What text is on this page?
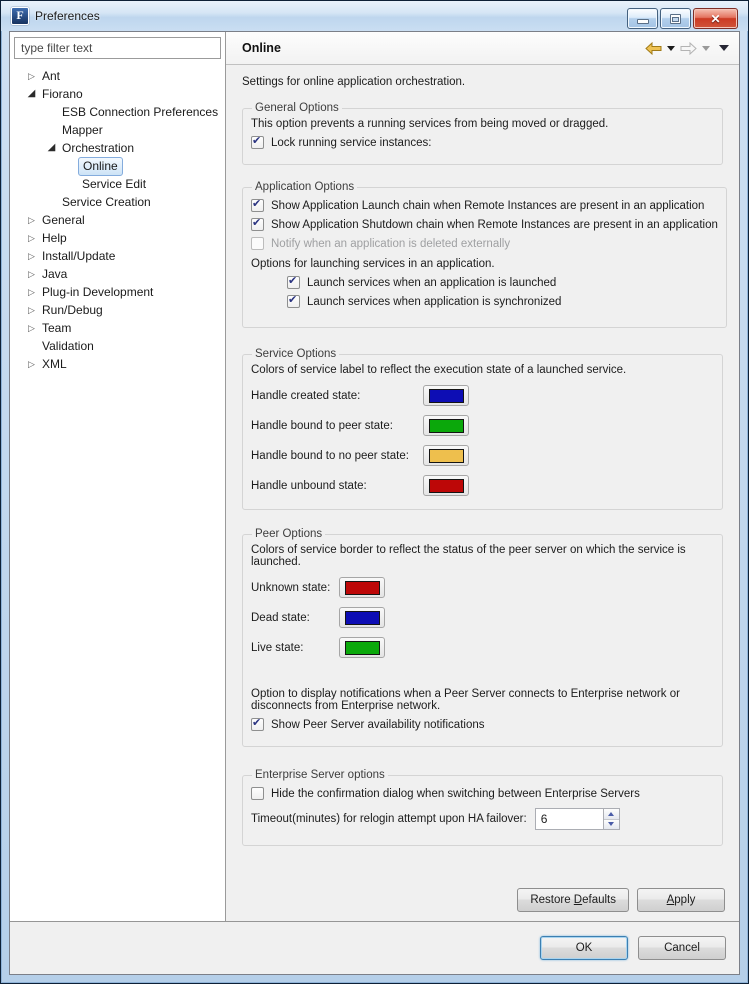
F Preferences	✕
type filter text
▷ Ant
◢ Fiorano
ESB Connection Preferences
Mapper
◢ Orchestration
Online
Service Edit
Service Creation
▷ General
▷ Help
▷ Install/Update
▷ Java
▷ Plug-in Development
▷ Run/Debug
▷ Team
Validation
▷ XML
Online
Settings for online application orchestration.
General Options
This option prevents a running services from being moved or dragged.
✔
Lock running service instances:
Application Options
✔
Show Application Launch chain when Remote Instances are present in an application
✔
Show Application Shutdown chain when Remote Instances are present in an application
Notify when an application is deleted externally
Options for launching services in an application.
✔
Launch services when an application is launched
✔
Launch services when application is synchronized
Service Options
Colors of service label to reflect the execution state of a launched service.
Handle created state:
Handle bound to peer state:
Handle bound to no peer state:
Handle unbound state:
Peer Options
Colors of service border to reflect the status of the peer server on which the service is launched.
Unknown state:
Dead state:
Live state:
Option to display notifications when a Peer Server connects to Enterprise network or disconnects from Enterprise network.
✔
Show Peer Server availability notifications
Enterprise Server options
Hide the confirmation dialog when switching between Enterprise Servers
Timeout(minutes) for relogin attempt upon HA failover:
6
Restore Defaults	Apply
OK	Cancel
